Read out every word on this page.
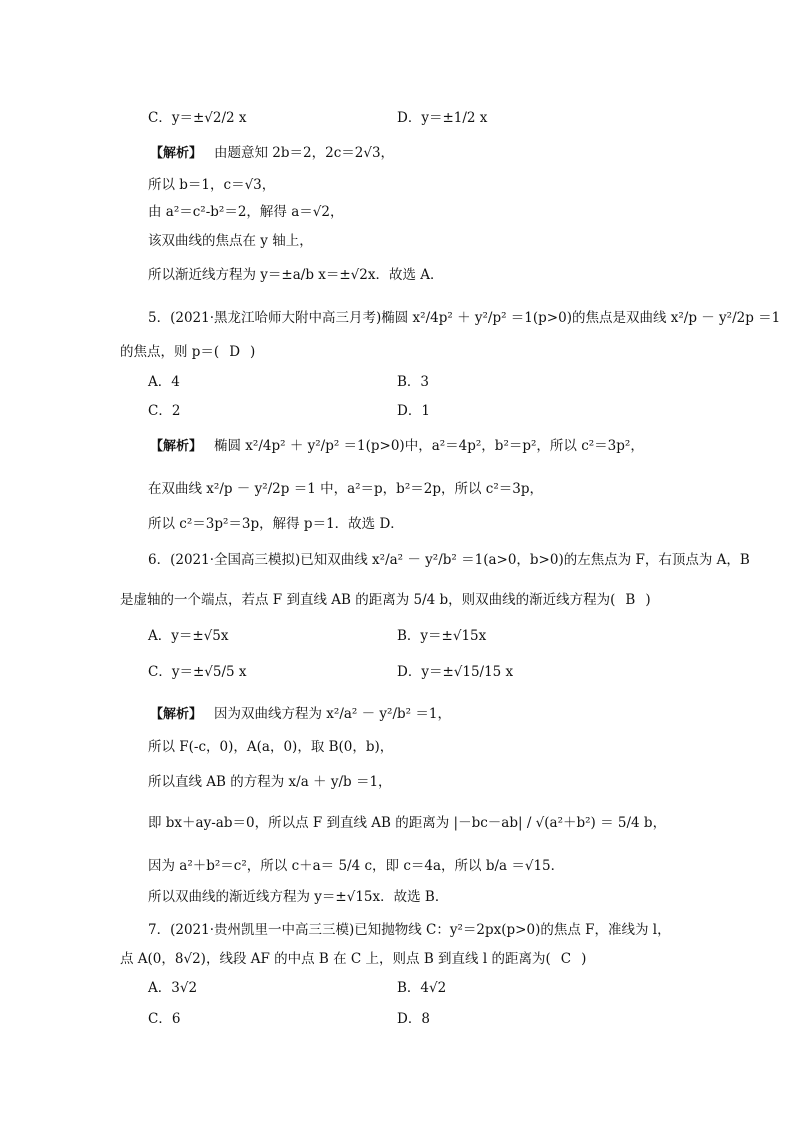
C．y＝±√2/2 x	D．y＝±1/2 x
【解析】 由题意知 2b＝2，2c＝2√3，
所以 b＝1，c＝√3，
由 a²＝c²-b²＝2，解得 a＝√2，
该双曲线的焦点在 y 轴上，
所以渐近线方程为 y＝±a/b x＝±√2x．故选 A．
5．(2021·黑龙江哈师大附中高三月考)椭圆 x²/4p² ＋ y²/p² ＝1(p>0)的焦点是双曲线 x²/p － y²/2p ＝1
的焦点，则 p＝( D )
A．4	B．3
C．2	D．1
【解析】 椭圆 x²/4p² ＋ y²/p² ＝1(p>0)中，a²＝4p²，b²＝p²，所以 c²＝3p²，
在双曲线 x²/p － y²/2p ＝1 中，a²＝p，b²＝2p，所以 c²＝3p，
所以 c²＝3p²＝3p，解得 p＝1．故选 D．
6．(2021·全国高三模拟)已知双曲线 x²/a² － y²/b² ＝1(a>0，b>0)的左焦点为 F，右顶点为 A，B
是虚轴的一个端点，若点 F 到直线 AB 的距离为 5/4 b，则双曲线的渐近线方程为( B )
A．y＝±√5x	B．y＝±√15x
C．y＝±√5/5 x	D．y＝±√15/15 x
【解析】 因为双曲线方程为 x²/a² － y²/b² ＝1，
所以 F(-c，0)，A(a，0)，取 B(0，b)，
所以直线 AB 的方程为 x/a ＋ y/b ＝1，
即 bx＋ay-ab＝0，所以点 F 到直线 AB 的距离为 |－bc－ab| / √(a²＋b²) ＝ 5/4 b，
因为 a²＋b²＝c²，所以 c＋a＝ 5/4 c，即 c＝4a，所以 b/a ＝√15．
所以双曲线的渐近线方程为 y＝±√15x．故选 B．
7．(2021·贵州凯里一中高三三模)已知抛物线 C：y²＝2px(p>0)的焦点 F，准线为 l，
点 A(0，8√2)，线段 AF 的中点 B 在 C 上，则点 B 到直线 l 的距离为( C )
A．3√2	B．4√2
C．6	D．8
